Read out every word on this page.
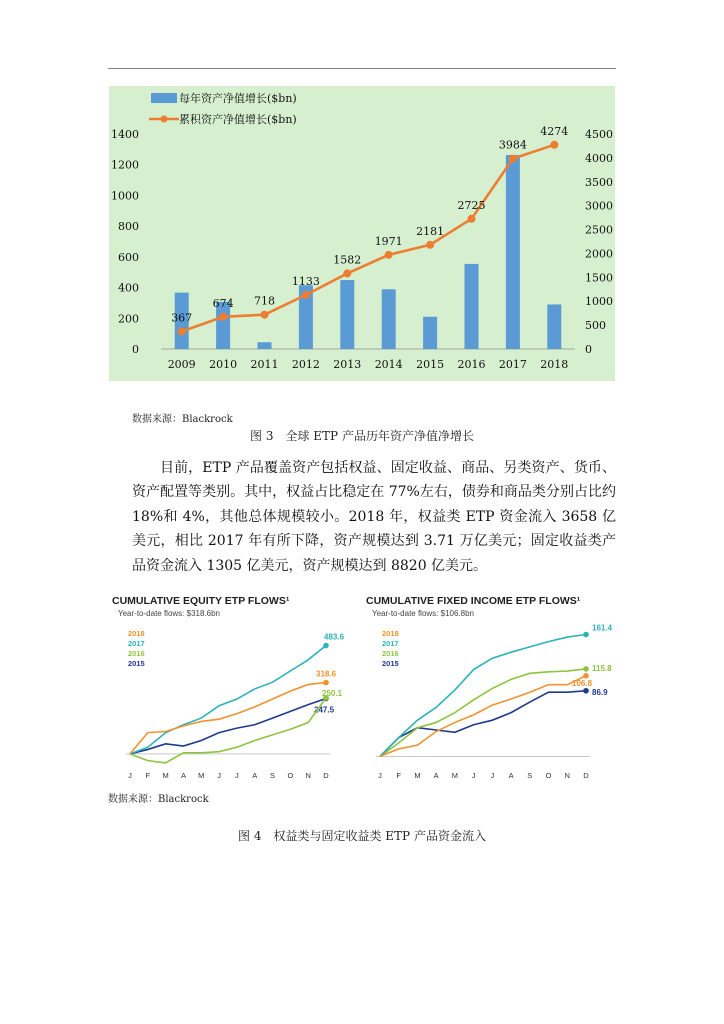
每年资产净值增长($bn)
累积资产净值增长($bn)
0
200
400
600
800
1000
1200
1400
0
500
1000
1500
2000
2500
3000
3500
4000
4500
2009 2010 2011 2012 2013 2014 2015 2016 2017 2018
367
674 718
1133
1582
1971
2181
2725
3984
4274
数据来源：Blackrock
图 3　全球 ETP 产品历年资产净值净增长

目前，ETP 产品覆盖资产包括权益、固定收益、商品、另类资产、货币、资产配置等类别。其中，权益占比稳定在 77%左右，债券和商品类分别占比约 18%和 4%，其他总体规模较小。2018 年，权益类 ETP 资金流入 3658 亿美元，相比 2017 年有所下降，资产规模达到 3.71 万亿美元；固定收益类产品资金流入 1305 亿美元，资产规模达到 8820 亿美元。

CUMULATIVE EQUITY ETP FLOWS¹
Year-to-date flows: $318.6bn
2018
2017
2016
2015
J F M A M J J A S O N D
247.5
250.1
483.6
318.6
CUMULATIVE FIXED INCOME ETP FLOWS¹
Year-to-date flows: $106.8bn
2018
2017
2016
2015
J F M A M J J A S O N D
86.9
115.8
161.4
106.8
数据来源：Blackrock
图 4　权益类与固定收益类 ETP 产品资金流入
